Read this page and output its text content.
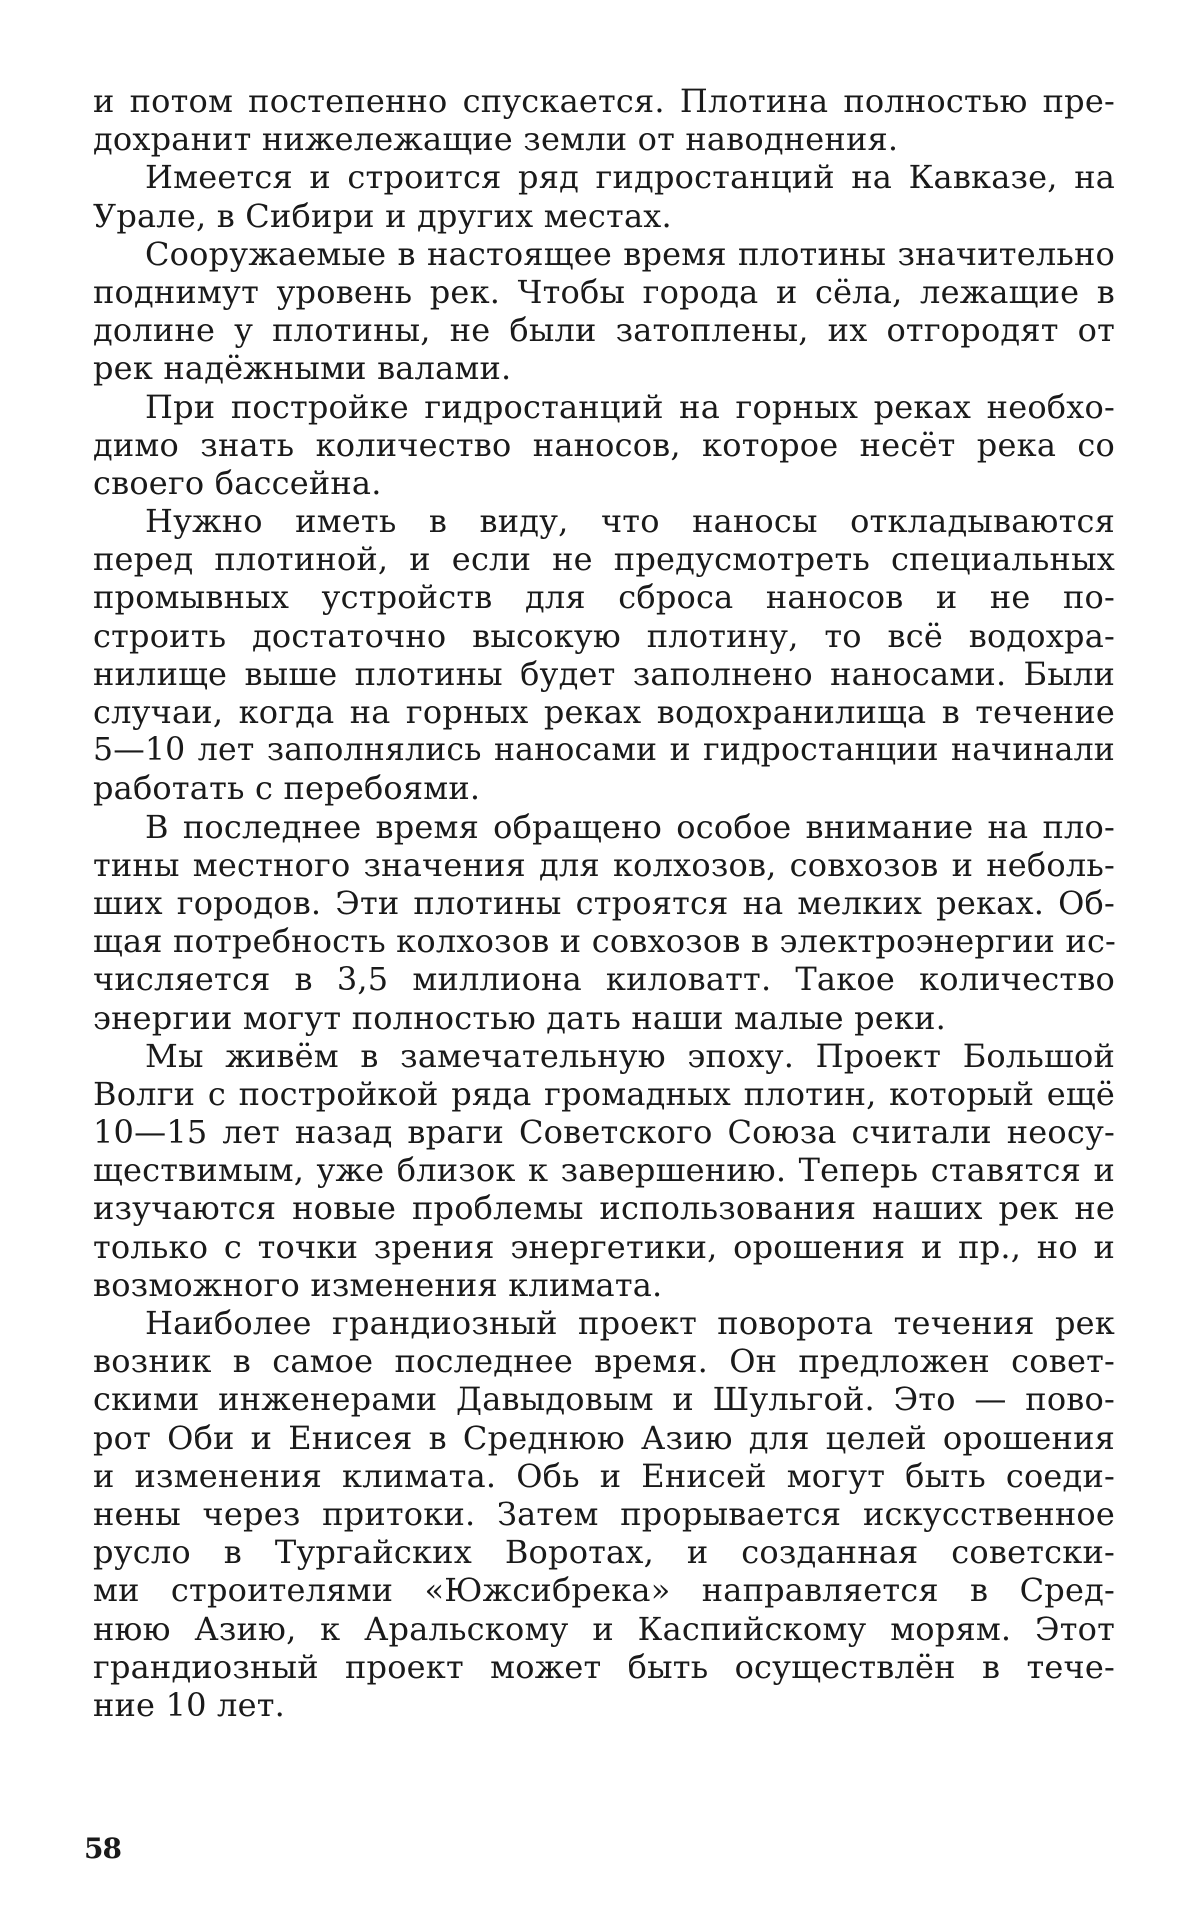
и потом постепенно спускается. Плотина полностью пре-
дохранит нижележащие земли от наводнения.
Имеется и строится ряд гидростанций на Кавказе, на
Урале, в Сибири и других местах.
Сооружаемые в настоящее время плотины значительно
поднимут уровень рек. Чтобы города и сёла, лежащие в
долине у плотины, не были затоплены, их отгородят от
рек надёжными валами.
При постройке гидростанций на горных реках необхо-
димо знать количество наносов, которое несёт река со
своего бассейна.
Нужно иметь в виду, что наносы откладываются
перед плотиной, и если не предусмотреть специальных
промывных устройств для сброса наносов и не по-
строить достаточно высокую плотину, то всё водохра-
нилище выше плотины будет заполнено наносами. Были
случаи, когда на горных реках водохранилища в течение
5—10 лет заполнялись наносами и гидростанции начинали
работать с перебоями.
В последнее время обращено особое внимание на пло-
тины местного значения для колхозов, совхозов и неболь-
ших городов. Эти плотины строятся на мелких реках. Об-
щая потребность колхозов и совхозов в электроэнергии ис-
числяется в 3,5 миллиона киловатт. Такое количество
энергии могут полностью дать наши малые реки.
Мы живём в замечательную эпоху. Проект Большой
Волги с постройкой ряда громадных плотин, который ещё
10—15 лет назад враги Советского Союза считали неосу-
ществимым, уже близок к завершению. Теперь ставятся и
изучаются новые проблемы использования наших рек не
только с точки зрения энергетики, орошения и пр., но и
возможного изменения климата.
Наиболее грандиозный проект поворота течения рек
возник в самое последнее время. Он предложен совет-
скими инженерами Давыдовым и Шульгой. Это — пово-
рот Оби и Енисея в Среднюю Азию для целей орошения
и изменения климата. Обь и Енисей могут быть соеди-
нены через притоки. Затем прорывается искусственное
русло в Тургайских Воротах, и созданная советски-
ми строителями «Южсибрека» направляется в Сред-
нюю Азию, к Аральскому и Каспийскому морям. Этот
грандиозный проект может быть осуществлён в тече-
ние 10 лет.
58
